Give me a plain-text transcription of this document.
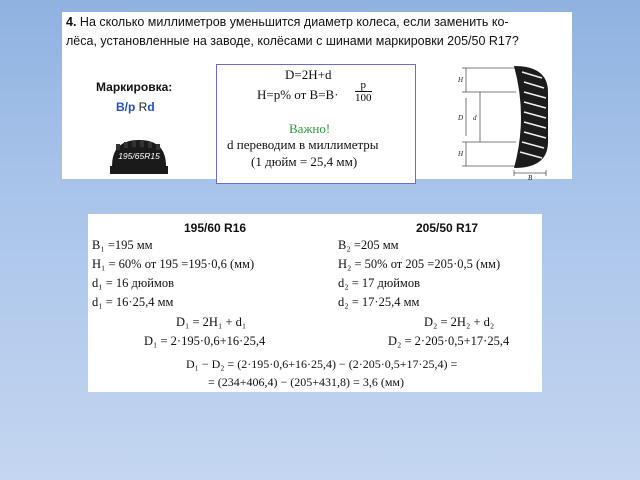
4. На сколько миллиметров уменьшится диаметр колеса, если заменить ко-
лёса, установленные на заводе, колёсами с шинами маркировки 205/50 R17?
Маркировка:
B/p Rd
195/65R15
D=2H+d
H=p% от $B=B\cdot \frac{p}{100}$
Важно!
d переводим в миллиметры
(1 дюйм = 25,4 мм)
H
D d
H
B
195/60 R16	205/50 R17
B₁ =195 мм
H₁ = 60% от 195 =195·0,6 (мм)
d₁ = 16 дюймов
d₁ = 16·25,4 мм
B₂ =205 мм
H₂ = 50% от 205 =205·0,5 (мм)
d₂ = 17 дюймов
d₂ = 17·25,4 мм
D₁ = 2H₁ + d₁
D₁ = 2·195·0,6+16·25,4
D₂ = 2H₂ + d₂
D₂ = 2·205·0,5+17·25,4
D₁ − D₂ = (2·195·0,6+16·25,4) − (2·205·0,5+17·25,4) =
= (234+406,4) − (205+431,8) = 3,6 (мм)
